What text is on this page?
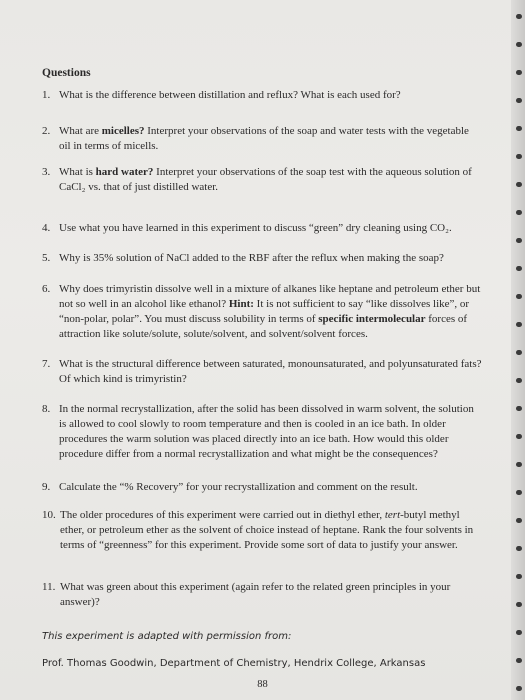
Questions
1. What is the difference between distillation and reflux? What is each used for?
2. What are micelles? Interpret your observations of the soap and water tests with the vegetable oil in terms of micells.
3. What is hard water? Interpret your observations of the soap test with the aqueous solution of CaCl₂ vs. that of just distilled water.
4. Use what you have learned in this experiment to discuss “green” dry cleaning using CO₂.
5. Why is 35% solution of NaCl added to the RBF after the reflux when making the soap?
6. Why does trimyristin dissolve well in a mixture of alkanes like heptane and petroleum ether but not so well in an alcohol like ethanol? Hint: It is not sufficient to say “like dissolves like”, or “non-polar, polar”. You must discuss solubility in terms of specific intermolecular forces of attraction like solute/solute, solute/solvent, and solvent/solvent forces.
7. What is the structural difference between saturated, monounsaturated, and polyunsaturated fats? Of which kind is trimyristin?
8. In the normal recrystallization, after the solid has been dissolved in warm solvent, the solution is allowed to cool slowly to room temperature and then is cooled in an ice bath. In older procedures the warm solution was placed directly into an ice bath. How would this older procedure differ from a normal recrystallization and what might be the consequences?
9. Calculate the “% Recovery” for your recrystallization and comment on the result.
10. The older procedures of this experiment were carried out in diethyl ether, tert-butyl methyl ether, or petroleum ether as the solvent of choice instead of heptane. Rank the four solvents in terms of “greenness” for this experiment. Provide some sort of data to justify your answer.
11. What was green about this experiment (again refer to the related green principles in your answer)?
This experiment is adapted with permission from:
Prof. Thomas Goodwin, Department of Chemistry, Hendrix College, Arkansas
88
